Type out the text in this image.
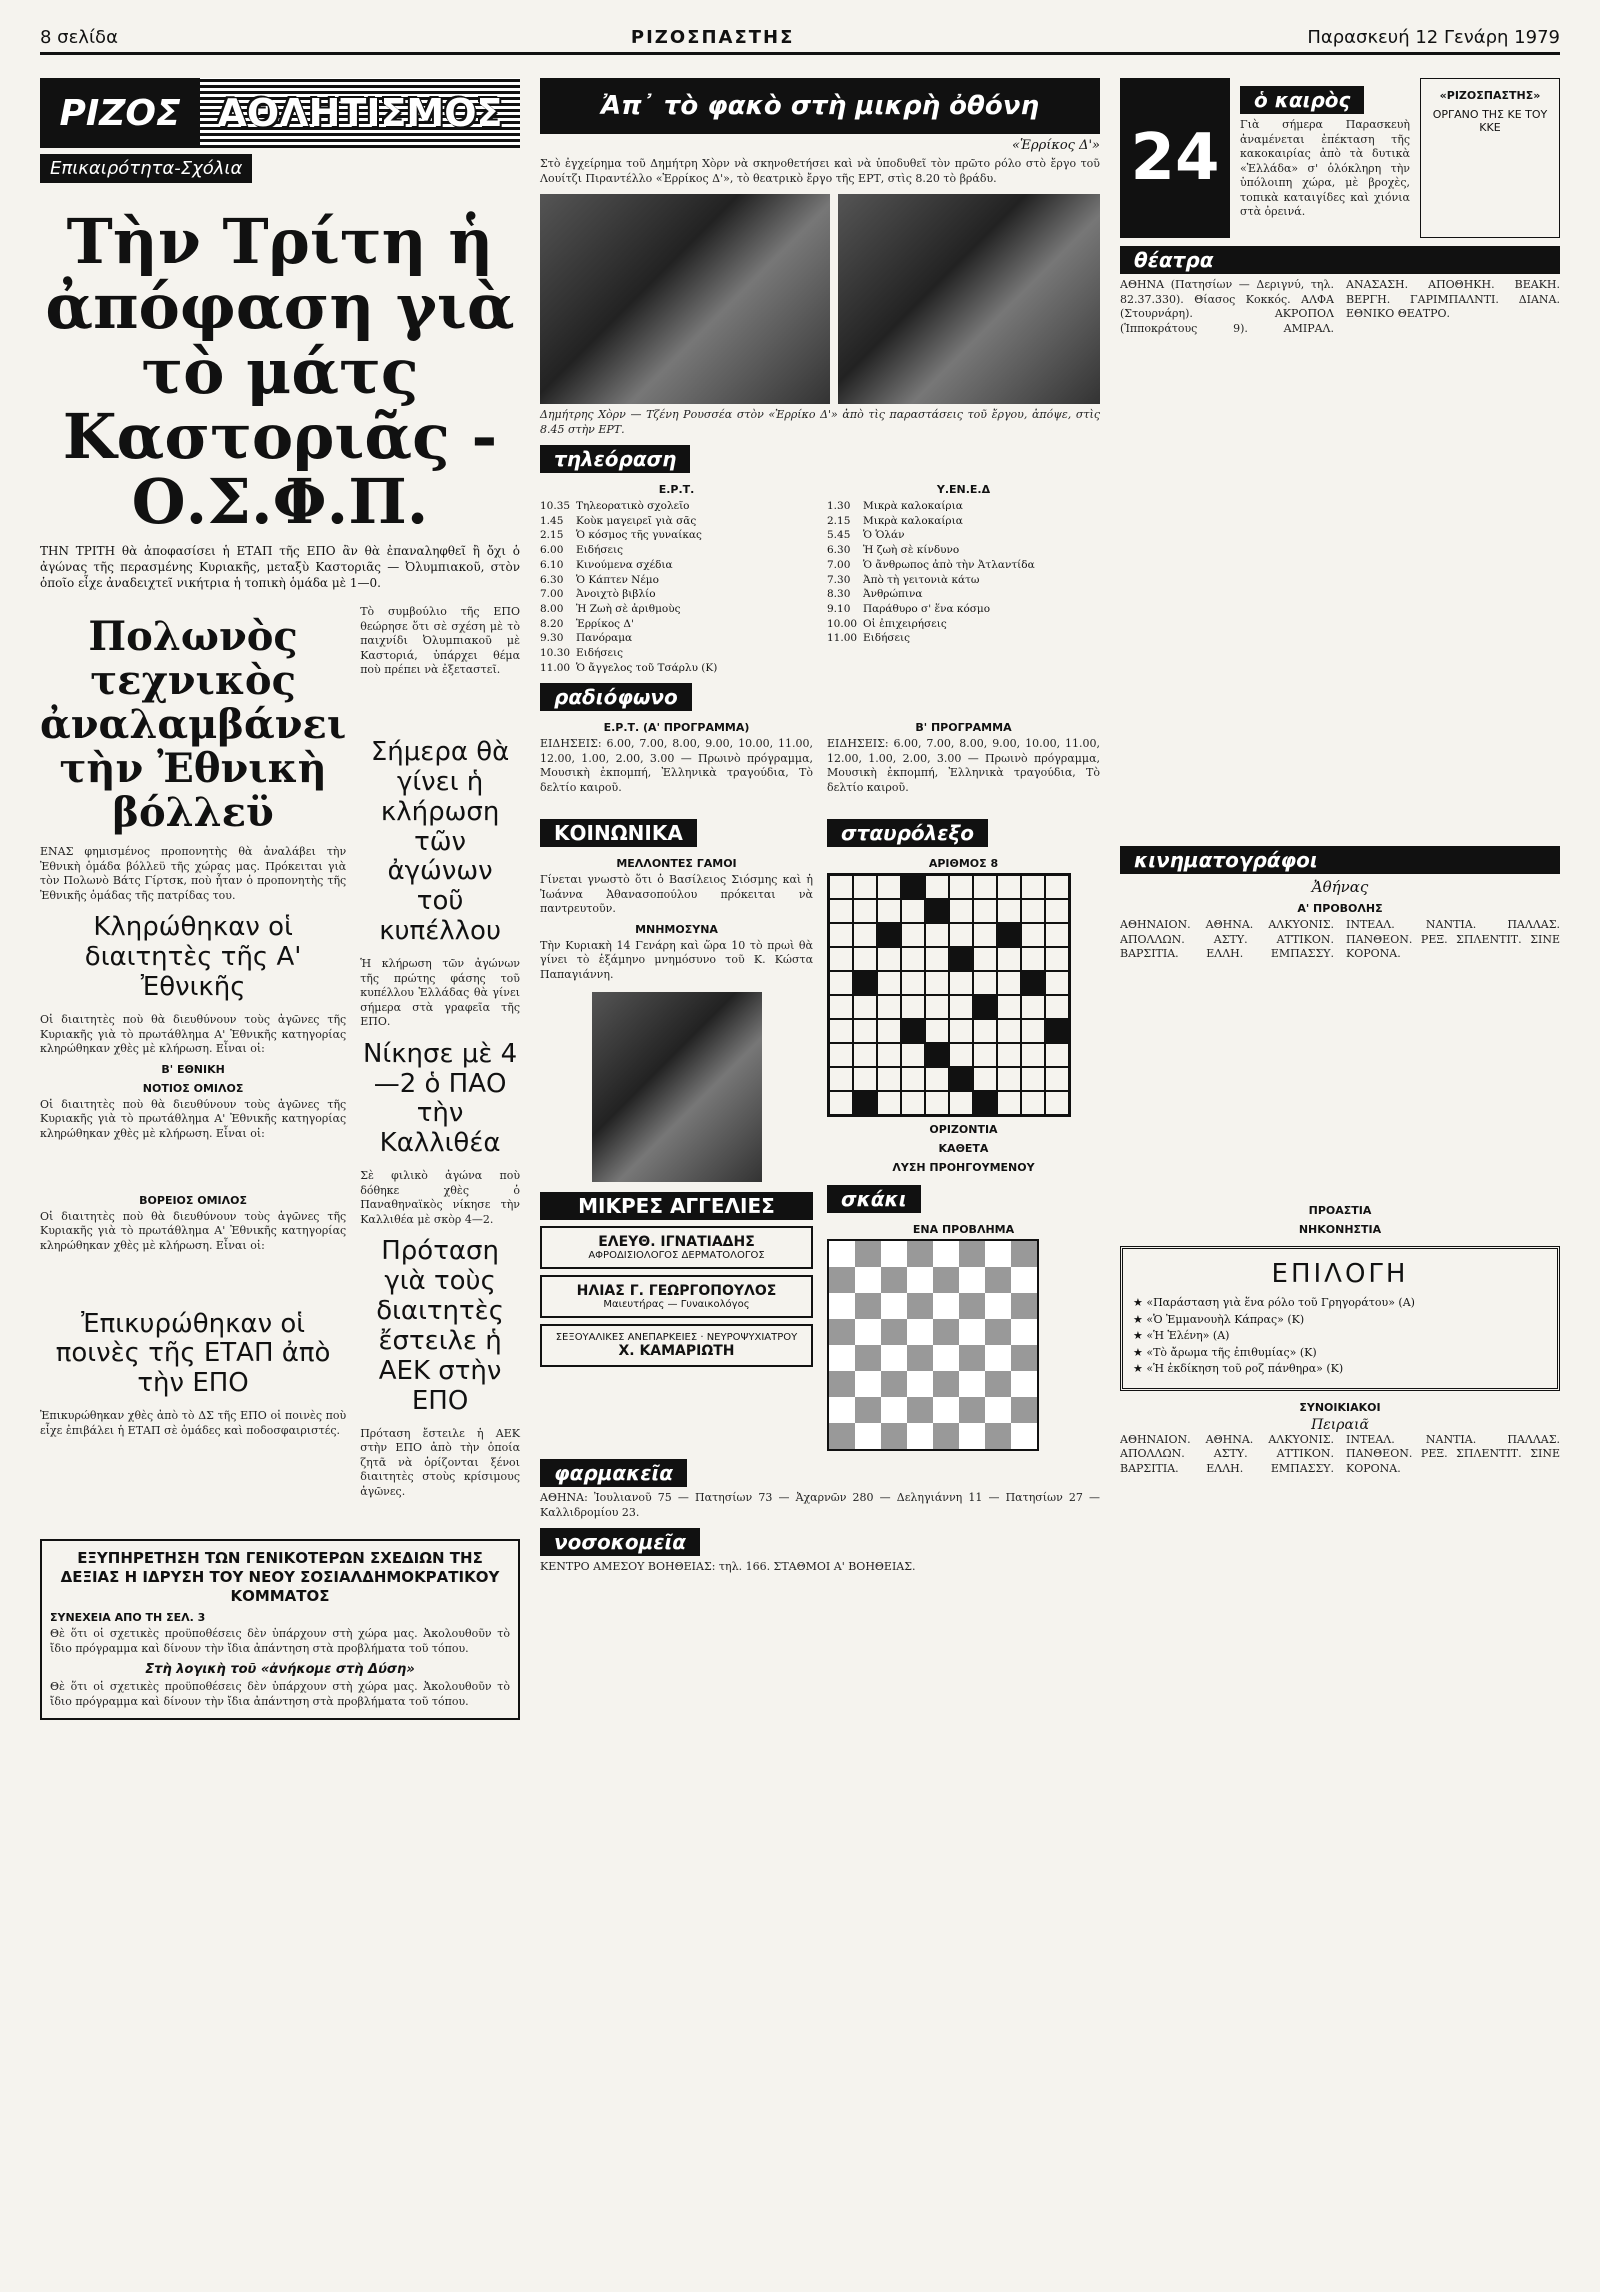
8 σελίδα	ΡΙΖΟΣΠΑΣΤΗΣ	Παρασκευή 12 Γενάρη 1979
ΡΙΖΟΣ ΑΘΛΗΤΙΣΜΟΣ
Επικαιρότητα-Σχόλια
Τὴν Τρίτη ἡ ἀπόφαση γιὰ
τὸ μάτς Καστοριᾶς - Ο.Σ.Φ.Π.
ΤΗΝ ΤΡΙΤΗ θὰ ἀποφασίσει ἡ ΕΤΑΠ τῆς ΕΠΟ ἂν θὰ ἐπαναληφθεῖ ἢ ὄχι ὁ ἀγώνας τῆς περασμένης Κυριακῆς, μεταξὺ Καστοριᾶς — Ὀλυμπιακοῦ, στὸν ὁποῖο εἶχε ἀναδειχτεῖ νικήτρια ἡ τοπικὴ ὁμάδα μὲ 1—0.
Πολωνὸς τεχνικὸς ἀναλαμβάνει τὴν Ἐθνικὴ βόλλεϋ
ΕΝΑΣ φημισμένος προπονητὴς θὰ ἀναλάβει τὴν Ἐθνικὴ ὁμάδα βόλλεϋ τῆς χώρας μας. Πρόκειται γιὰ τὸν Πολωνὸ Βάτς Γίρτσκ, ποὺ ἦταν ὁ προπονητὴς τῆς Ἐθνικῆς ὁμάδας τῆς πατρίδας του.
Κληρώθηκαν οἱ διαιτητὲς τῆς Α' Ἐθνικῆς
Οἱ διαιτητὲς ποὺ θὰ διευθύνουν τοὺς ἀγῶνες τῆς Κυριακῆς γιὰ τὸ πρωτάθλημα Α' Ἐθνικῆς κατηγορίας κληρώθηκαν χθὲς μὲ κλήρωση. Εἶναι οἱ:
Β' ΕΘΝΙΚΗ
ΝΟΤΙΟΣ ΟΜΙΛΟΣ
Οἱ διαιτητὲς ποὺ θὰ διευθύνουν τοὺς ἀγῶνες τῆς Κυριακῆς γιὰ τὸ πρωτάθλημα Α' Ἐθνικῆς κατηγορίας κληρώθηκαν χθὲς μὲ κλήρωση. Εἶναι οἱ:
ΒΟΡΕΙΟΣ ΟΜΙΛΟΣ
Οἱ διαιτητὲς ποὺ θὰ διευθύνουν τοὺς ἀγῶνες τῆς Κυριακῆς γιὰ τὸ πρωτάθλημα Α' Ἐθνικῆς κατηγορίας κληρώθηκαν χθὲς μὲ κλήρωση. Εἶναι οἱ:
Ἐπικυρώθηκαν οἱ ποινὲς τῆς ΕΤΑΠ ἀπὸ τὴν ΕΠΟ
Ἐπικυρώθηκαν χθὲς ἀπὸ τὸ ΔΣ τῆς ΕΠΟ οἱ ποινὲς ποὺ εἶχε ἐπιβάλει ἡ ΕΤΑΠ σὲ ὁμάδες καὶ ποδοσφαιριστές.
Τὸ συμβούλιο τῆς ΕΠΟ θεώρησε ὅτι σὲ σχέση μὲ τὸ παιχνίδι Ὀλυμπιακοῦ μὲ Καστοριά, ὑπάρχει θέμα ποὺ πρέπει νὰ ἐξεταστεῖ.
Σήμερα θὰ γίνει ἡ κλήρωση τῶν ἀγώνων τοῦ κυπέλλου
Ἡ κλήρωση τῶν ἀγώνων τῆς πρώτης φάσης τοῦ κυπέλλου Ἑλλάδας θὰ γίνει σήμερα στὰ γραφεῖα τῆς ΕΠΟ.
Νίκησε μὲ 4—2 ὁ ΠΑΟ τὴν Καλλιθέα
Σὲ φιλικὸ ἀγώνα ποὺ δόθηκε χθὲς ὁ Παναθηναϊκὸς νίκησε τὴν Καλλιθέα μὲ σκὸρ 4—2.
Πρόταση γιὰ τοὺς διαιτητὲς ἔστειλε ἡ ΑΕΚ στὴν ΕΠΟ
Πρόταση ἔστειλε ἡ ΑΕΚ στὴν ΕΠΟ ἀπὸ τὴν ὁποία ζητᾶ νὰ ὁρίζονται ξένοι διαιτητὲς στοὺς κρίσιμους ἀγῶνες.
ΕΞΥΠΗΡΕΤΗΣΗ ΤΩΝ ΓΕΝΙΚΟΤΕΡΩΝ ΣΧΕΔΙΩΝ ΤΗΣ ΔΕΞΙΑΣ Η ΙΔΡΥΣΗ ΤΟΥ ΝΕΟΥ ΣΟΣΙΑΛΔΗΜΟΚΡΑΤΙΚΟΥ ΚΟΜΜΑΤΟΣ
ΣΥΝΕΧΕΙΑ ΑΠΟ ΤΗ ΣΕΛ. 3
Θὲ ὅτι οἱ σχετικὲς προϋποθέσεις δὲν ὑπάρχουν στὴ χώρα μας. Ἀκολουθοῦν τὸ ἴδιο πρόγραμμα καὶ δίνουν τὴν ἴδια ἀπάντηση στὰ προβλήματα τοῦ τόπου.
Στὴ λογικὴ τοῦ «ἀνήκομε στὴ Δύση»
Θὲ ὅτι οἱ σχετικὲς προϋποθέσεις δὲν ὑπάρχουν στὴ χώρα μας. Ἀκολουθοῦν τὸ ἴδιο πρόγραμμα καὶ δίνουν τὴν ἴδια ἀπάντηση στὰ προβλήματα τοῦ τόπου.
Ἀπ᾽ τὸ φακὸ στὴ μικρὴ ὀθόνη
«Ἑρρίκος Δ'»
Στὸ ἐγχείρημα τοῦ Δημήτρη Χὸρν νὰ σκηνοθετήσει καὶ νὰ ὑποδυθεῖ τὸν πρῶτο ρόλο στὸ ἔργο τοῦ Λουίτζι Πιραντέλλο «Ἑρρίκος Δ'», τὸ θεατρικὸ ἔργο τῆς ΕΡΤ, στὶς 8.20 τὸ βράδυ.
Δημήτρης Χὸρν — Τζένη Ρουσσέα στὸν «Ἑρρίκο Δ'» ἀπὸ τὶς παραστάσεις τοῦ ἔργου, ἀπόψε, στὶς 8.45 στὴν ΕΡΤ.
τηλεόραση
Ε.Ρ.Τ.
10.35 Τηλεορατικὸ σχολεῖο
1.45	Κοὺκ μαγειρεῖ γιὰ σᾶς
2.15	Ὁ κόσμος τῆς γυναίκας
6.00	Ειδήσεις
6.10	Κινούμενα σχέδια
6.30	Ὁ Κάπτεν Νέμο
7.00	Ἀνοιχτὸ βιβλίο
8.00	Ἡ Ζωὴ σὲ ἀριθμοὺς
8.20	Ἑρρίκος Δ'
9.30	Πανόραμα
10.30 Ειδήσεις
11.00 Ὁ ἄγγελος τοῦ Τσάρλυ (Κ)
Υ.ΕΝ.Ε.Δ
1.30	Μικρὰ καλοκαίρια
2.15	Μικρὰ καλοκαίρια
5.45	Ὁ Ὁλάν
6.30	Ἡ ζωὴ σὲ κίνδυνο
7.00	Ὁ ἄνθρωπος ἀπὸ τὴν Ἀτλαντίδα
7.30	Ἀπὸ τὴ γειτονιὰ κάτω
8.30	Ἀνθρώπινα
9.10	Παράθυρο σ' ἕνα κόσμο
10.00 Οἱ ἐπιχειρήσεις
11.00 Ειδήσεις
ραδιόφωνο
Ε.Ρ.Τ. (Α' ΠΡΟΓΡΑΜΜΑ)
ΕΙΔΗΣΕΙΣ: 6.00, 7.00, 8.00, 9.00, 10.00, 11.00, 12.00, 1.00, 2.00, 3.00 — Πρωινὸ πρόγραμμα, Μουσικὴ ἐκπομπή, Ἐλληνικὰ τραγούδια, Τὸ δελτίο καιροῦ.
Β' ΠΡΟΓΡΑΜΜΑ
ΕΙΔΗΣΕΙΣ: 6.00, 7.00, 8.00, 9.00, 10.00, 11.00, 12.00, 1.00, 2.00, 3.00 — Πρωινὸ πρόγραμμα, Μουσικὴ ἐκπομπή, Ἐλληνικὰ τραγούδια, Τὸ δελτίο καιροῦ.
ΚΟΙΝΩΝΙΚΑ
ΜΕΛΛΟΝΤΕΣ ΓΑΜΟΙ
Γίνεται γνωστὸ ὅτι ὁ Βασίλειος Σιόσμης καὶ ἡ Ἰωάννα Ἀθανασοπούλου πρόκειται νὰ παντρευτοῦν.
ΜΝΗΜΟΣΥΝΑ
Τὴν Κυριακὴ 14 Γενάρη καὶ ὥρα 10 τὸ πρωὶ θὰ γίνει τὸ ἑξάμηνο μνημόσυνο τοῦ Κ. Κώστα Παπαγιάννη.
ΜΙΚΡΕΣ ΑΓΓΕΛΙΕΣ
ΕΛΕΥΘ. ΙΓΝΑΤΙΑΔΗΣ
ΑΦΡΟΔΙΣΙΟΛΟΓΟΣ ΔΕΡΜΑΤΟΛΟΓΟΣ
ΗΛΙΑΣ Γ. ΓΕΩΡΓΟΠΟΥΛΟΣ
Μαιευτήρας — Γυναικολόγος
ΣΕΞΟΥΑΛΙΚΕΣ ΑΝΕΠΑΡΚΕΙΕΣ · ΝΕΥΡΟΨΥΧΙΑΤΡΟΥ
Χ. ΚΑΜΑΡΙΩΤΗ
σταυρόλεξο
ΑΡΙΘΜΟΣ 8
ΟΡΙΖΟΝΤΙΑ
ΚΑΘΕΤΑ
ΛΥΣΗ ΠΡΟΗΓΟΥΜΕΝΟΥ
σκάκι
ΕΝΑ ΠΡΟΒΛΗΜΑ
φαρμακεῖα
ΑΘΗΝΑ: Ἰουλιανοῦ 75 — Πατησίων 73 — Ἀχαρνῶν 280 — Δεληγιάννη 11 — Πατησίων 27 — Καλλιδρομίου 23.
νοσοκομεῖα
ΚΕΝΤΡΟ ΑΜΕΣΟΥ ΒΟΗΘΕΙΑΣ: τηλ. 166. ΣΤΑΘΜΟΙ Α' ΒΟΗΘΕΙΑΣ.
24
ὁ καιρὸς
Γιὰ σήμερα Παρασκευὴ ἀναμένεται ἐπέκταση τῆς κακοκαιρίας ἀπὸ τὰ δυτικὰ «Ἑλλάδα» σ' ὁλόκληρη τὴν ὑπόλοιπη χώρα, μὲ βροχὲς, τοπικὰ καταιγίδες καὶ χιόνια στὰ ὀρεινά.
«ΡΙΖΟΣΠΑΣΤΗΣ»
ΟΡΓΑΝΟ ΤΗΣ ΚΕ ΤΟΥ ΚΚΕ
θέατρα
ΑΘΗΝΑ (Πατησίων — Δεριγνύ, τηλ. 82.37.330). Θίασος Κοκκός. ΑΛΦΑ (Στουρνάρη). ΑΚΡΟΠΟΛ (Ἱπποκράτους 9). ΑΜΙΡΑΛ. ΑΝΑΣΑΣΗ. ΑΠΟΘΗΚΗ. ΒΕΑΚΗ. ΒΕΡΓΗ. ΓΑΡΙΜΠΑΛΝΤΙ. ΔΙΑΝΑ. ΕΘΝΙΚΟ ΘΕΑΤΡΟ.
κινηματογράφοι
Ἀθήνας
Α' ΠΡΟΒΟΛΗΣ
ΑΘΗΝΑΙΟΝ. ΑΘΗΝΑ. ΑΛΚΥΟΝΙΣ. ΑΠΟΛΛΩΝ. ΑΣΤΥ. ΑΤΤΙΚΟΝ. ΒΑΡΣΙΤΙΑ. ΕΛΛΗ. ΕΜΠΑΣΣΥ. ΙΝΤΕΑΛ. ΝΑΝΤΙΑ. ΠΑΛΛΑΣ. ΠΑΝΘΕΟΝ. ΡΕΞ. ΣΠΛΕΝΤΙΤ. ΣΙΝΕ ΚΟΡΟΝΑ.
ΠΡΟΑΣΤΙΑ
ΝΗΚΟΝΗΣΤΙΑ
ΕΠΙΛΟΓΗ
★ «Παράσταση γιὰ ἕνα ρόλο τοῦ Γρηγοράτου» (Α)
★ «Ὁ Ἐμμανουὴλ Κάπρας» (Κ)
★ «Ἡ Ἑλένη» (Α)
★ «Τὸ ἄρωμα τῆς ἐπιθυμίας» (Κ)
★ «Ἡ ἐκδίκηση τοῦ ροζ πάνθηρα» (Κ)
ΣΥΝΟΙΚΙΑΚΟΙ
Πειραιᾶ
ΑΘΗΝΑΙΟΝ. ΑΘΗΝΑ. ΑΛΚΥΟΝΙΣ. ΑΠΟΛΛΩΝ. ΑΣΤΥ. ΑΤΤΙΚΟΝ. ΒΑΡΣΙΤΙΑ. ΕΛΛΗ. ΕΜΠΑΣΣΥ. ΙΝΤΕΑΛ. ΝΑΝΤΙΑ. ΠΑΛΛΑΣ. ΠΑΝΘΕΟΝ. ΡΕΞ. ΣΠΛΕΝΤΙΤ. ΣΙΝΕ ΚΟΡΟΝΑ.
